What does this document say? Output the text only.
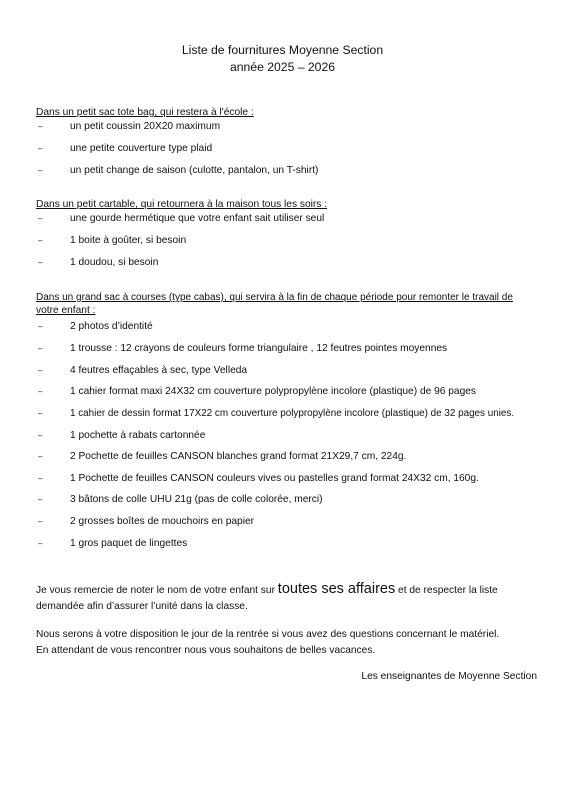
Liste de fournitures Moyenne Section
année 2025 – 2026
Dans un petit sac tote bag, qui restera à l'école :
–	un petit coussin 20X20 maximum
–	une petite couverture type plaid
–	un petit change de saison (culotte, pantalon, un T-shirt)
Dans un petit cartable, qui retournera à la maison tous les soirs :
–	une gourde hermétique que votre enfant sait utiliser seul
–	1 boite à goûter, si besoin
–	1 doudou, si besoin
Dans un grand sac à courses (type cabas), qui servira à la fin de chaque période pour remonter le travail de
votre enfant :
–	2 photos d’identité
–	1 trousse : 12 crayons de couleurs forme triangulaire , 12 feutres pointes moyennes
–	4 feutres effaçables à sec, type Velleda
–	1 cahier format maxi 24X32 cm couverture polypropylène incolore (plastique) de 96 pages
–	1 cahier de dessin format 17X22 cm couverture polypropylène incolore (plastique) de 32 pages unies.
–	1 pochette à rabats cartonnée
–	2 Pochette de feuilles CANSON blanches grand format 21X29,7 cm, 224g.
–	1 Pochette de feuilles CANSON couleurs vives ou pastelles grand format 24X32 cm, 160g.
–	3 bâtons de colle UHU 21g (pas de colle colorée, merci)
–	2 grosses boîtes de mouchoirs en papier
–	1 gros paquet de lingettes
Je vous remercie de noter le nom de votre enfant sur toutes ses affaires et de respecter la liste
demandée afin d’assurer l’unité dans la classe.
Nous serons à votre disposition le jour de la rentrée si vous avez des questions concernant le matériel.
En attendant de vous rencontrer nous vous souhaitons de belles vacances.
Les enseignantes de Moyenne Section
